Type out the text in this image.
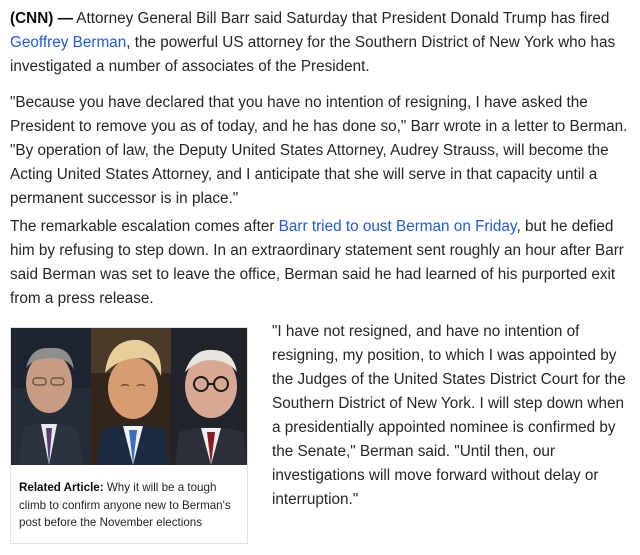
(CNN) — Attorney General Bill Barr said Saturday that President Donald Trump has fired Geoffrey Berman, the powerful US attorney for the Southern District of New York who has investigated a number of associates of the President.

"Because you have declared that you have no intention of resigning, I have asked the President to remove you as of today, and he has done so," Barr wrote in a letter to Berman. "By operation of law, the Deputy United States Attorney, Audrey Strauss, will become the Acting United States Attorney, and I anticipate that she will serve in that capacity until a permanent successor is in place."

The remarkable escalation comes after Barr tried to oust Berman on Friday, but he defied him by refusing to step down. In an extraordinary statement sent roughly an hour after Barr said Berman was set to leave the office, Berman said he had learned of his purported exit from a press release.

Related Article: Why it will be a tough climb to confirm anyone new to Berman's post before the November elections

"I have not resigned, and have no intention of resigning, my position, to which I was appointed by the Judges of the United States District Court for the Southern District of New York. I will step down when a presidentially appointed nominee is confirmed by the Senate," Berman said. "Until then, our investigations will move forward without delay or interruption."
